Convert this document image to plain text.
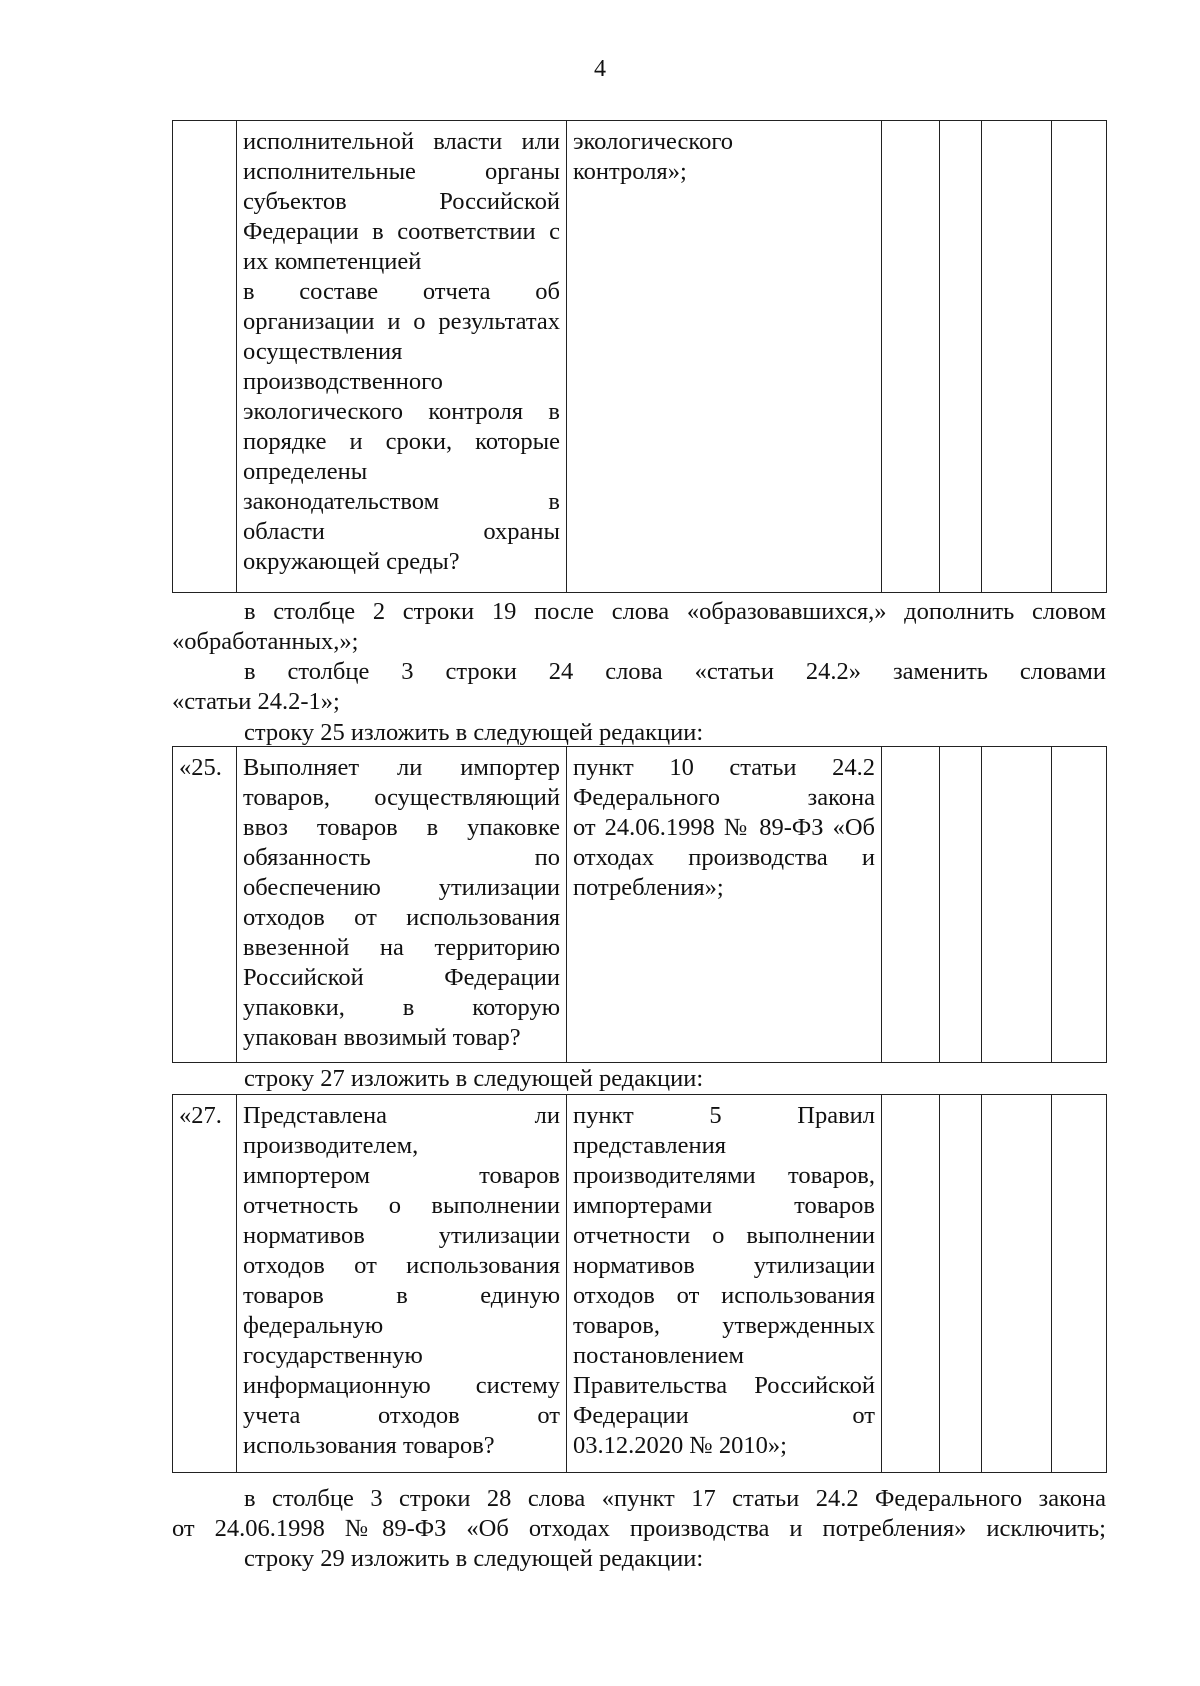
4

исполнительной власти или
исполнительные органы
субъектов Российской
Федерации в соответствии с
их компетенцией
в составе отчета об
организации и о результатах
осуществления
производственного
экологического контроля в
порядке и сроки, которые
определены
законодательством в
области охраны
окружающей среды?

экологического
контроля»;

в столбце 2 строки 19 после слова «образовавшихся,» дополнить словом
«обработанных,»;
в столбце 3 строки 24 слова «статьи 24.2» заменить словами
«статьи 24.2-1»;
строку 25 изложить в следующей редакции:
«25.	Выполняет ли импортер
товаров, осуществляющий
ввоз товаров в упаковке
обязанность по
обеспечению утилизации
отходов от использования
ввезенной на территорию
Российской Федерации
упаковки, в которую
упакован ввозимый товар?

пункт 10 статьи 24.2
Федерального закона
от 24.06.1998 № 89-ФЗ «Об
отходах производства и
потребления»;

строку 27 изложить в следующей редакции:
«27.	Представлена ли
производителем,
импортером товаров
отчетность о выполнении
нормативов утилизации
отходов от использования
товаров в единую
федеральную
государственную
информационную систему
учета отходов от
использования товаров?

пункт 5 Правил
представления
производителями товаров,
импортерами товаров
отчетности о выполнении
нормативов утилизации
отходов от использования
товаров, утвержденных
постановлением
Правительства Российской
Федерации от
03.12.2020 № 2010»;

в столбце 3 строки 28 слова «пункт 17 статьи 24.2 Федерального закона
от 24.06.1998 №89-ФЗ «Об отходах производства и потребления» исключить;
строку 29 изложить в следующей редакции:
